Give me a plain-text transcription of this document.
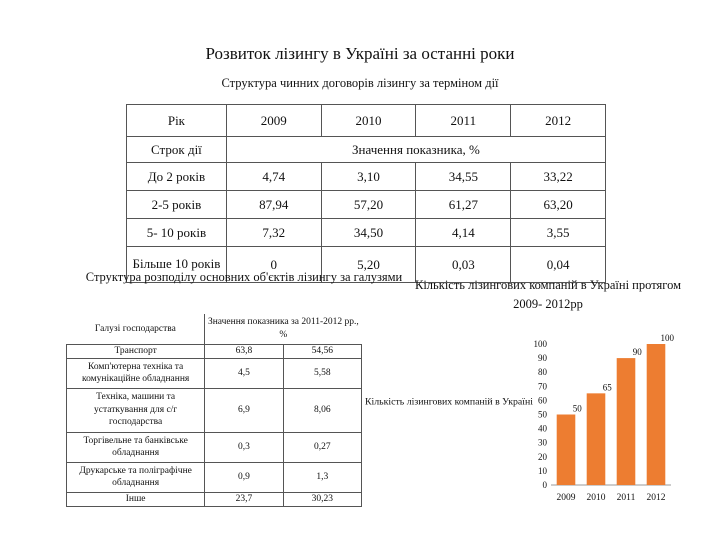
Розвиток лізингу в Україні за останні роки
Структура чинних договорів лізингу за терміном дії
Рік	2009	2010	2011	2012
Строк дії	Значення показника, %			
До 2 років	4,74	3,10	34,55	33,22
2-5 років	87,94	57,20	61,27	63,20
5- 10 років	7,32	34,50	4,14	3,55
Більше 10 років	0	5,20	0,03	0,04
Структура розподілу основних об'єктів лізингу за галузями
Галузі господарства	Значення показника за 2011-2012 рр., %	
Транспорт	63,8	54,56
Комп'ютерна техніка та комунікаційне обладнання	4,5	5,58
Техніка, машини та устаткування для с/г господарства	6,9	8,06
Торгівельне та банківське обладнання	0,3	0,27
Друкарське та поліграфічне обладнання	0,9	1,3
Інше	23,7	30,23
Кількість лізингових компаній в Україні протягом 2009- 2012рр
0
10
20
30
40
50
60
70
80
90
100
50
2009
65
2010
90
2011
100
2012
Кількість лізингових компаній в Україні
